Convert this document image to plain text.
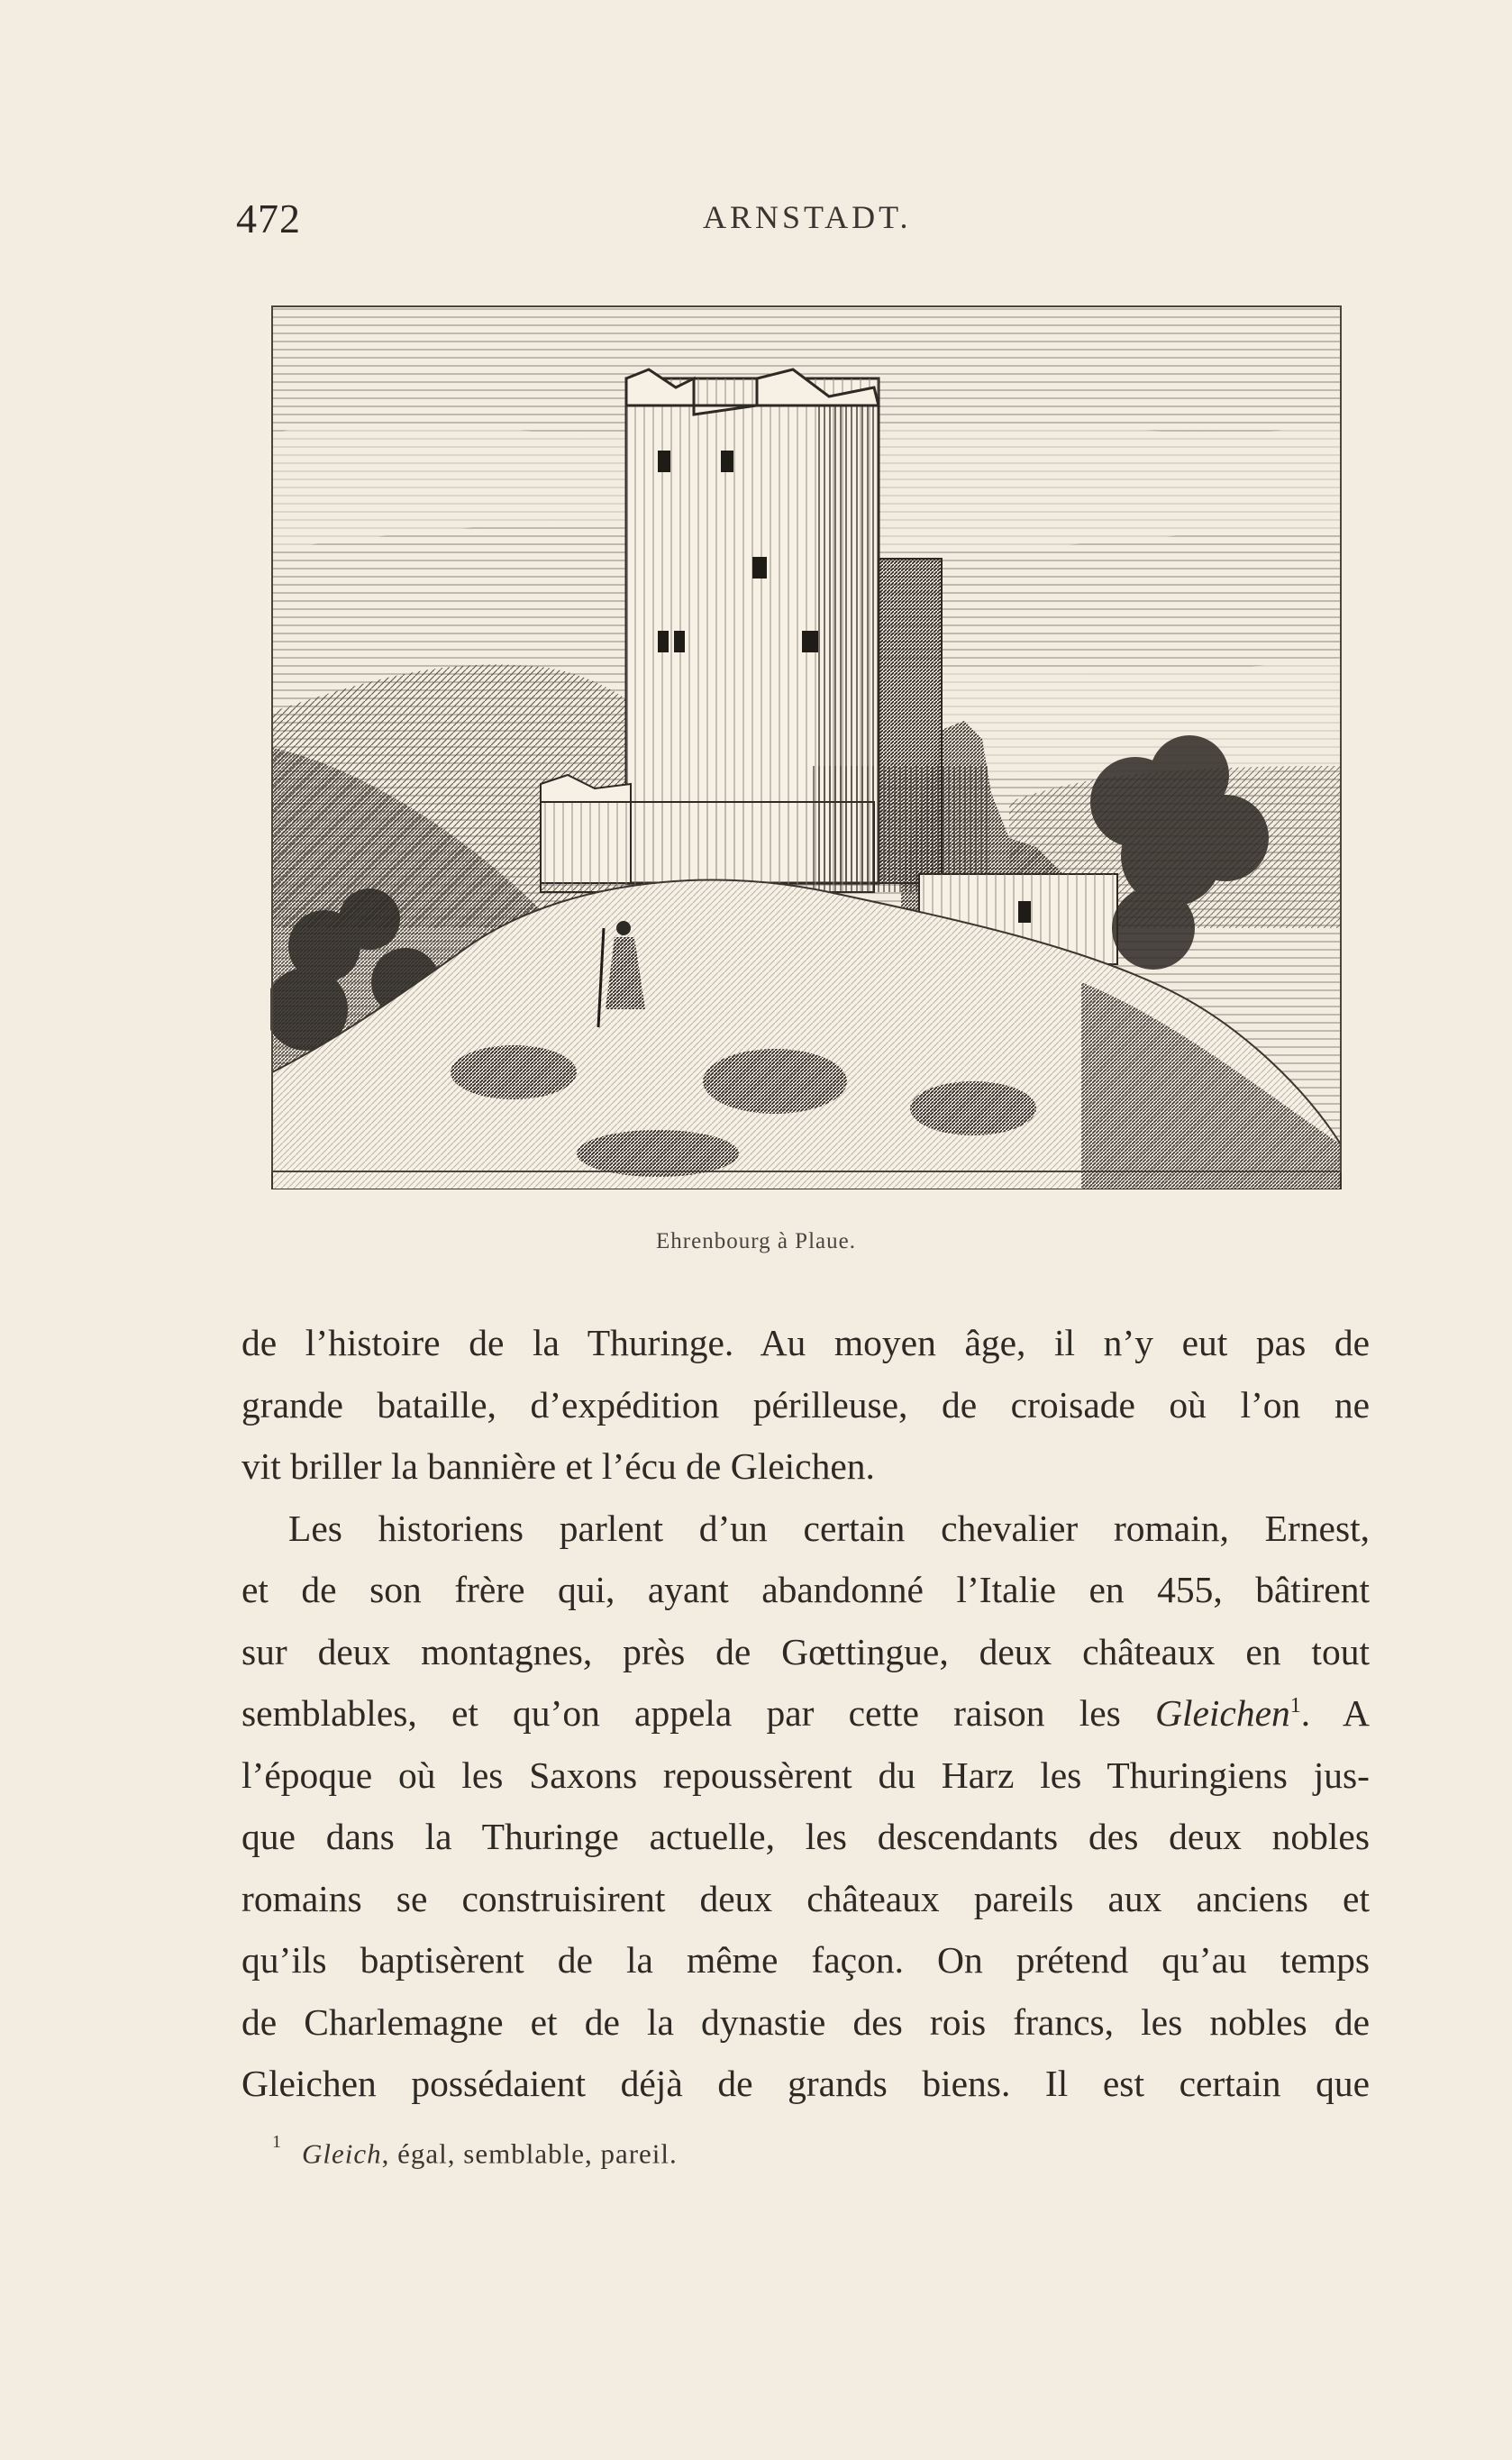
472	ARNSTADT.
Ehrenbourg à Plaue.

de l’histoire de la Thuringe. Au moyen âge, il n’y eut pas de
grande bataille, d’expédition périlleuse, de croisade où l’on ne
vit briller la bannière et l’écu de Gleichen.

Les historiens parlent d’un certain chevalier romain, Ernest,
et de son frère qui, ayant abandonné l’Italie en 455, bâtirent
sur deux montagnes, près de Gœttingue, deux châteaux en tout
semblables, et qu’on appela par cette raison les Gleichen$^1$. A
l’époque où les Saxons repoussèrent du Harz les Thuringiens jus-
que dans la Thuringe actuelle, les descendants des deux nobles
romains se construisirent deux châteaux pareils aux anciens et
qu’ils baptisèrent de la même façon. On prétend qu’au temps
de Charlemagne et de la dynastie des rois francs, les nobles de
Gleichen possédaient déjà de grands biens. Il est certain que

$^1$ Gleich, égal, semblable, pareil.
